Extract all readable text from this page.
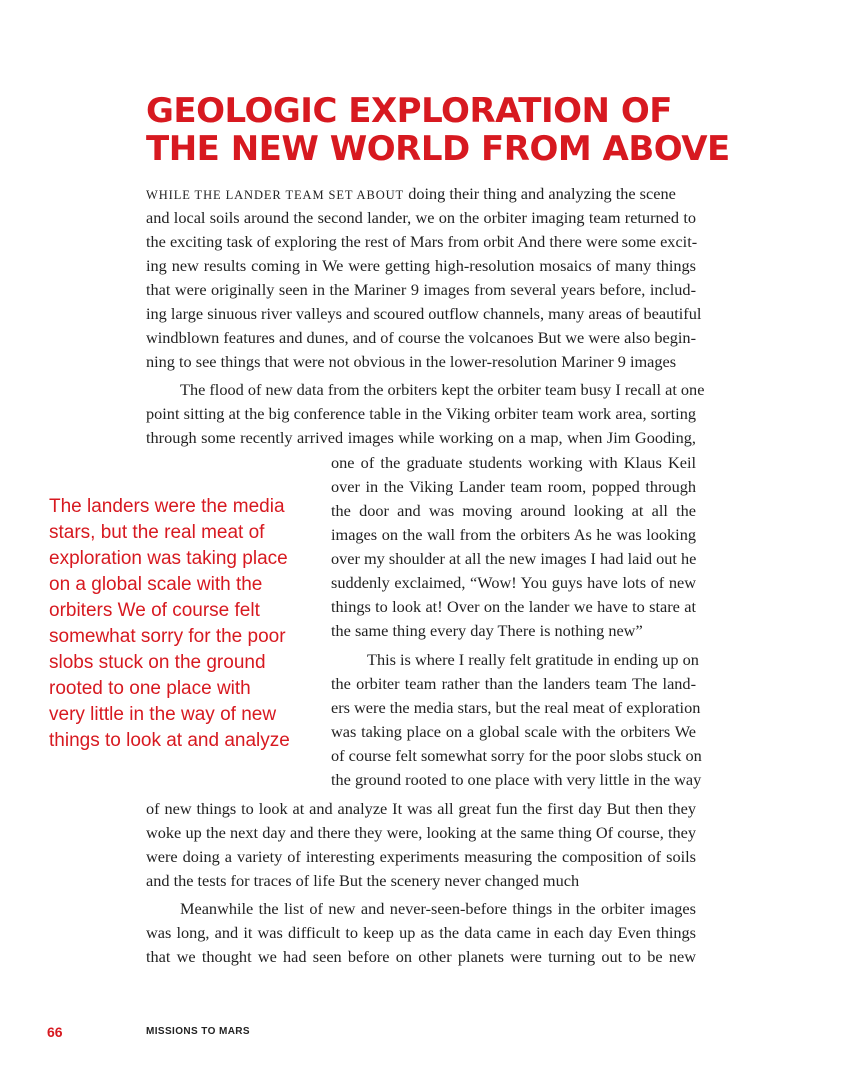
GEOLOGIC EXPLORATION OF
THE NEW WORLD FROM ABOVE
WHILE THE LANDER TEAM SET ABOUT doing their thing and analyzing the scene
and local soils around the second lander, we on the orbiter imaging team returned to
the exciting task of exploring the rest of Mars from orbit And there were some excit-
ing new results coming in We were getting high-resolution mosaics of many things
that were originally seen in the Mariner 9 images from several years before, includ-
ing large sinuous river valleys and scoured outflow channels, many areas of beautiful
windblown features and dunes, and of course the volcanoes But we were also begin-
ning to see things that were not obvious in the lower-resolution Mariner 9 images
The flood of new data from the orbiters kept the orbiter team busy I recall at one
point sitting at the big conference table in the Viking orbiter team work area, sorting
through some recently arrived images while working on a map, when Jim Gooding,
one of the graduate students working with Klaus Keil
over in the Viking Lander team room, popped through
the door and was moving around looking at all the
images on the wall from the orbiters As he was looking
over my shoulder at all the new images I had laid out he
suddenly exclaimed, “Wow! You guys have lots of new
things to look at! Over on the lander we have to stare at
the same thing every day There is nothing new”
This is where I really felt gratitude in ending up on
the orbiter team rather than the landers team The land-
ers were the media stars, but the real meat of exploration
was taking place on a global scale with the orbiters We
of course felt somewhat sorry for the poor slobs stuck on
the ground rooted to one place with very little in the way
of new things to look at and analyze It was all great fun the first day But then they
woke up the next day and there they were, looking at the same thing Of course, they
were doing a variety of interesting experiments measuring the composition of soils
and the tests for traces of life But the scenery never changed much
Meanwhile the list of new and never-seen-before things in the orbiter images
was long, and it was difficult to keep up as the data came in each day Even things
that we thought we had seen before on other planets were turning out to be new
The landers were the media
stars, but the real meat of
exploration was taking place
on a global scale with the
orbiters We of course felt
somewhat sorry for the poor
slobs stuck on the ground
rooted to one place with
very little in the way of new
things to look at and analyze
66	MISSIONS TO MARS
